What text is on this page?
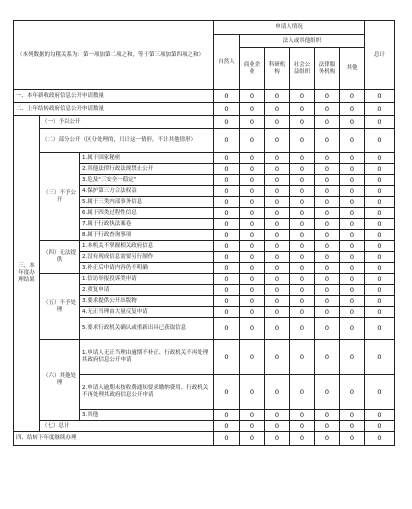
（本列数据的勾稽关系为：第一项加第二项之和，等于第三项加第四项之和）			申请人情况						总计
			自然人	法人或其他组织					
				商业企业	科研机构	社会公益组织	法律服务机构	其他	
一、本年新收政府信息公开申请数量			0	0	0	0	0	0	0
二、上年结转政府信息公开申请数量			0	0	0	0	0	0	0
三、本年度办理结果	（一）予以公开		0	0	0	0	0	0	0
	（二）部分公开（区分处理的，只计这一情形，不计其他情形）		0	0	0	0	0	0	0
	（三）不予公开	1.属于国家秘密	0	0	0	0	0	0	0
		2.其他法律行政法规禁止公开	0	0	0	0	0	0	0
		3.危及"三安全一稳定"	0	0	0	0	0	0	0
		4.保护第三方合法权益	0	0	0	0	0	0	0
		5.属于三类内部事务信息	0	0	0	0	0	0	0
		6.属于四类过程性信息	0	0	0	0	0	0	0
		7.属于行政执法案卷	0	0	0	0	0	0	0
		8.属于行政查询事项	0	0	0	0	0	0	0
	（四）无法提供	1.本机关不掌握相关政府信息	0	0	0	0	0	0	0
		2.没有现成信息需要另行制作	0	0	0	0	0	0	0
		3.补正后申请内容仍不明确	0	0	0	0	0	0	0
	（五）不予处理	1.信访举报投诉类申请	0	0	0	0	0	0	0
		2.重复申请	0	0	0	0	0	0	0
		3.要求提供公开出版物	0	0	0	0	0	0	0
		4.无正当理由大量反复申请	0	0	0	0	0	0	0
		5.要求行政机关确认或重新出具已获取信息	0	0	0	0	0	0	0
	（六）其他处理	1.申请人无正当理由逾期不补正、行政机关不再处理其政府信息公开申请	0	0	0	0	0	0	0
		2.申请人逾期未按收费通知要求缴纳费用、行政机关不再处理其政府信息公开申请	0	0	0	0	0	0	0
		3.其他	0	0	0	0	0	0	0
	（七）总计		0	0	0	0	0	0	0
四、结转下年度继续办理			0	0	0	0	0	0	0
